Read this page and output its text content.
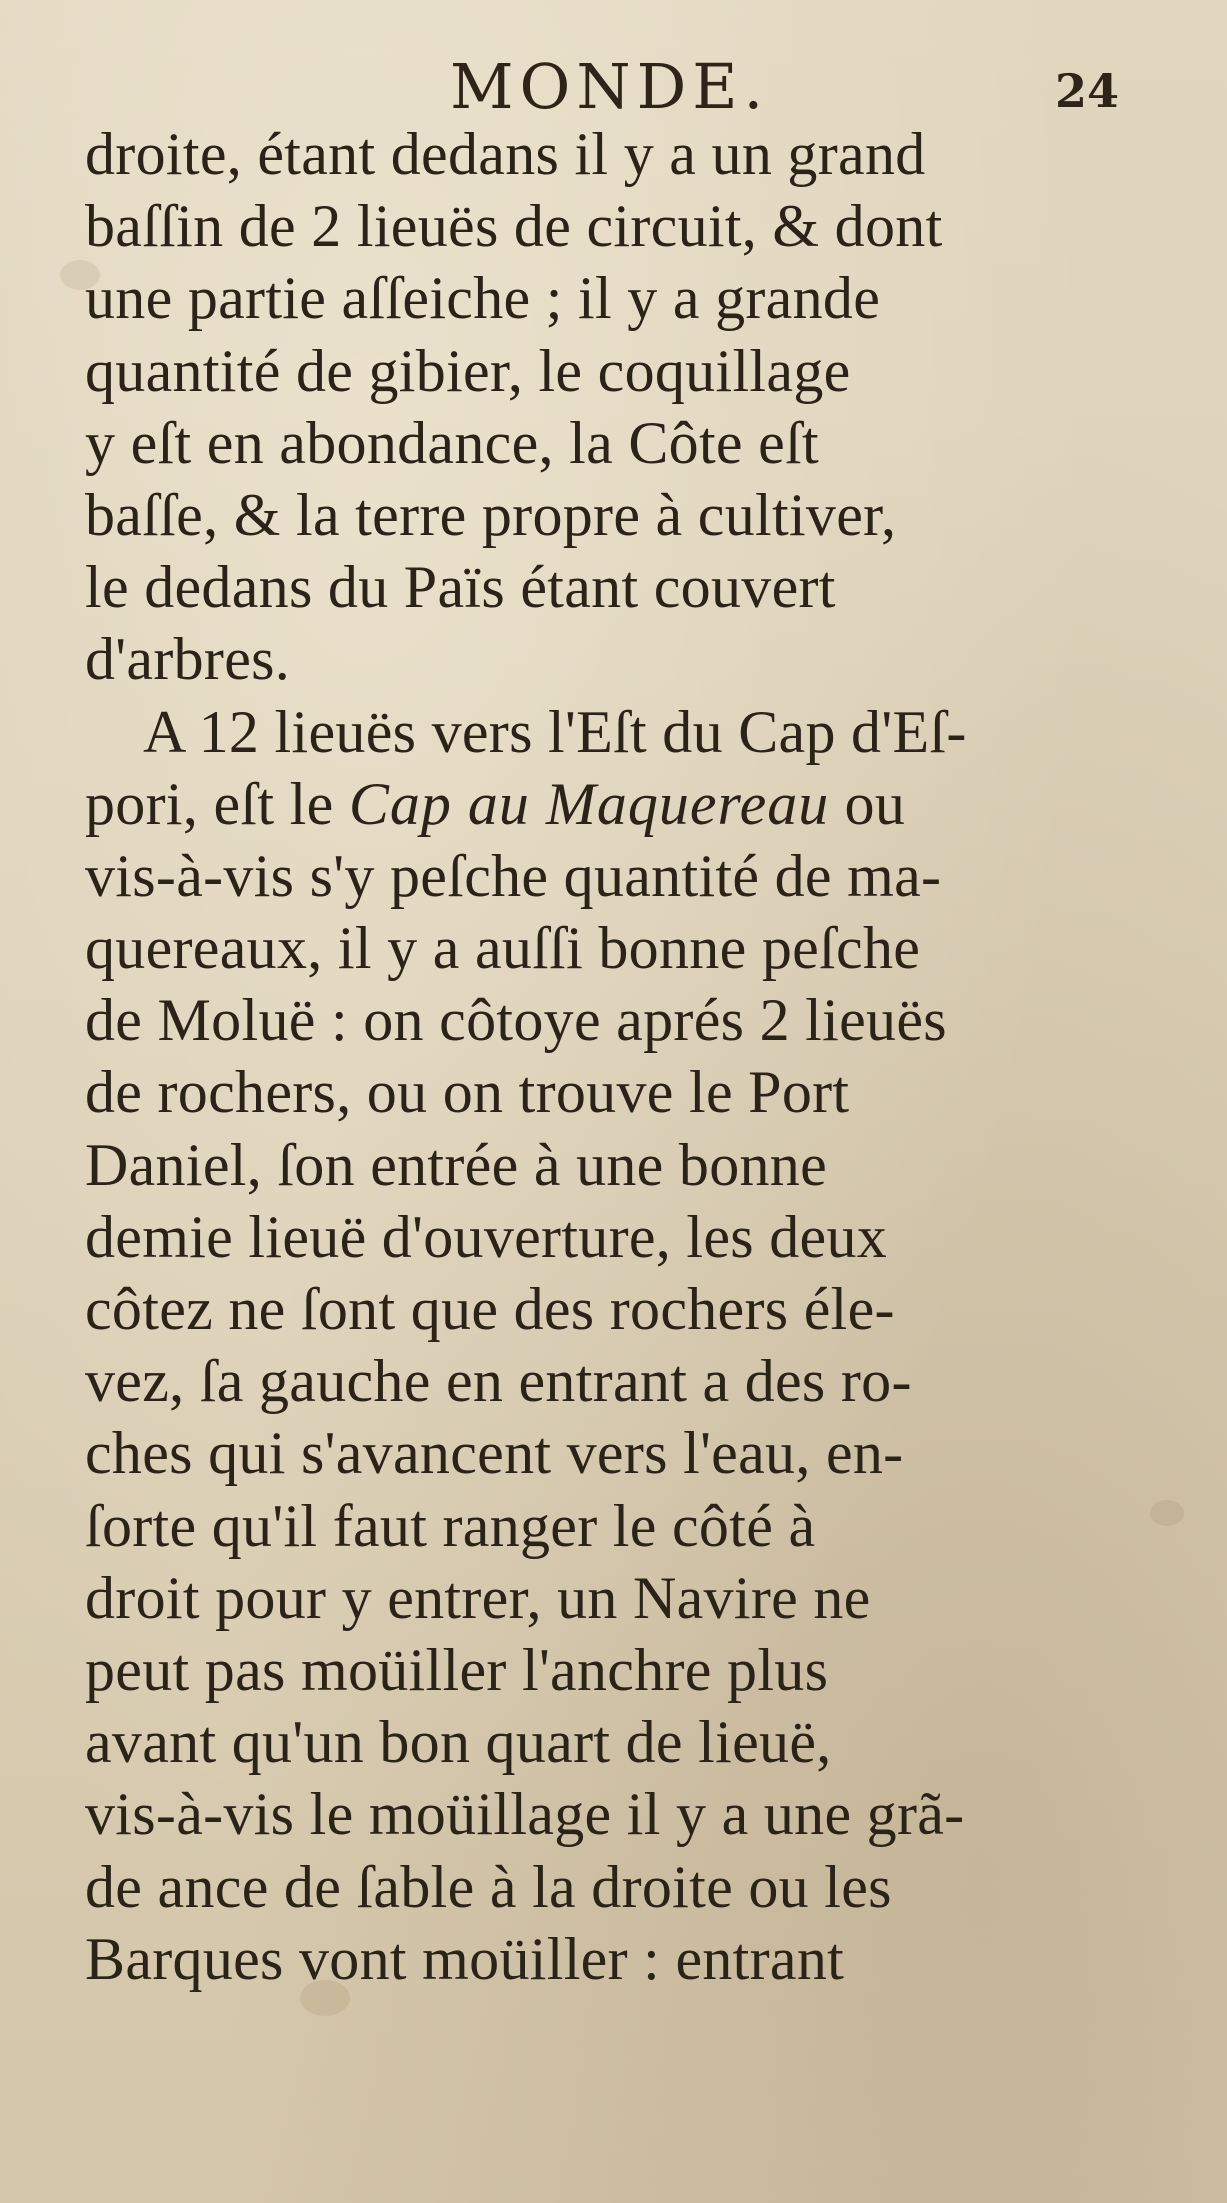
MONDE.	24
droite, étant dedans il y a un grand
baſſin de 2 lieuës de circuit, & dont
une partie aſſeiche ; il y a grande
quantité de gibier, le coquillage
y eſt en abondance, la Côte eſt
baſſe, & la terre propre à cultiver,
le dedans du Païs étant couvert
d'arbres.
A 12 lieuës vers l'Eſt du Cap d'Eſ-
pori, eſt le Cap au Maquereau ou
vis-à-vis s'y peſche quantité de ma-
quereaux, il y a auſſi bonne peſche
de Moluë : on côtoye aprés 2 lieuës
de rochers, ou on trouve le Port
Daniel, ſon entrée à une bonne
demie lieuë d'ouverture, les deux
côtez ne ſont que des rochers éle-
vez, ſa gauche en entrant a des ro-
ches qui s'avancent vers l'eau, en-
ſorte qu'il faut ranger le côté à
droit pour y entrer, un Navire ne
peut pas moüiller l'anchre plus
avant qu'un bon quart de lieuë,
vis-à-vis le moüillage il y a une grã-
de ance de ſable à la droite ou les
Barques vont moüiller : entrant
